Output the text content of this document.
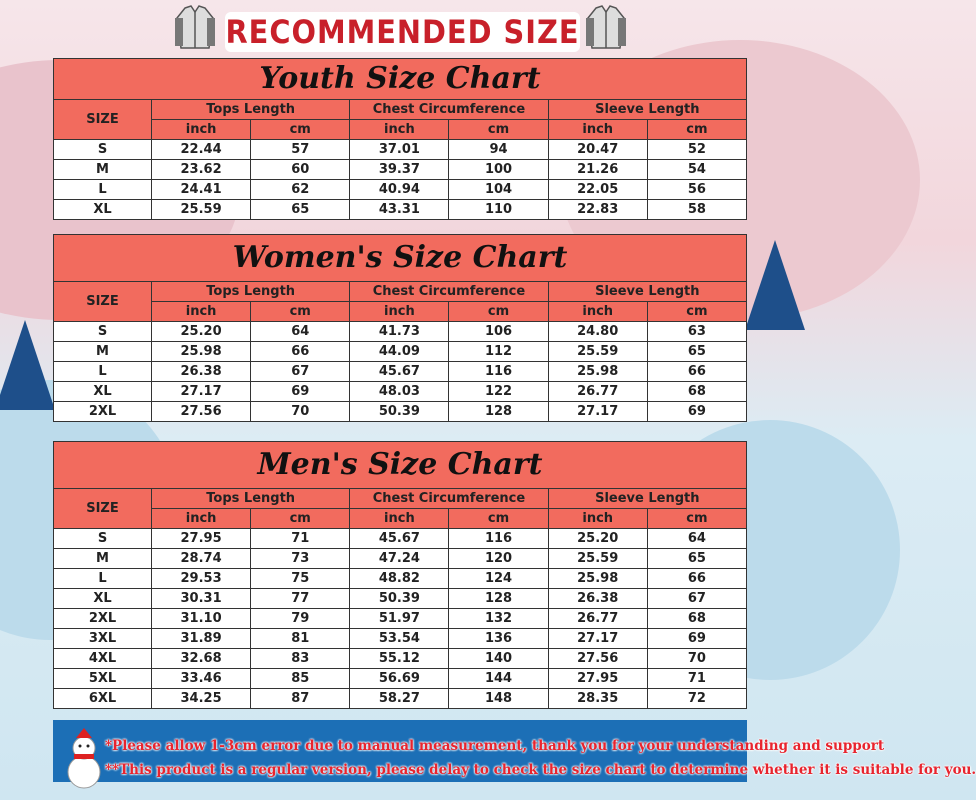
RECOMMENDED SIZE
Youth Size Chart
SIZE	Tops Length		Chest Circumference		Sleeve Length	
	inch	cm	inch	cm	inch	cm
S	22.44	57	37.01	94	20.47	52
M	23.62	60	39.37	100	21.26	54
L	24.41	62	40.94	104	22.05	56
XL	25.59	65	43.31	110	22.83	58
Women's Size Chart
SIZE	Tops Length		Chest Circumference		Sleeve Length	
	inch	cm	inch	cm	inch	cm
S	25.20	64	41.73	106	24.80	63
M	25.98	66	44.09	112	25.59	65
L	26.38	67	45.67	116	25.98	66
XL	27.17	69	48.03	122	26.77	68
2XL	27.56	70	50.39	128	27.17	69
Men's Size Chart
SIZE	Tops Length		Chest Circumference		Sleeve Length	
	inch	cm	inch	cm	inch	cm
S	27.95	71	45.67	116	25.20	64
M	28.74	73	47.24	120	25.59	65
L	29.53	75	48.82	124	25.98	66
XL	30.31	77	50.39	128	26.38	67
2XL	31.10	79	51.97	132	26.77	68
3XL	31.89	81	53.54	136	27.17	69
4XL	32.68	83	55.12	140	27.56	70
5XL	33.46	85	56.69	144	27.95	71
6XL	34.25	87	58.27	148	28.35	72
*Please allow 1-3cm error due to manual measurement, thank you for your understanding and support
**This product is a regular version, please delay to check the size chart to determine whether it is suitable for you.
